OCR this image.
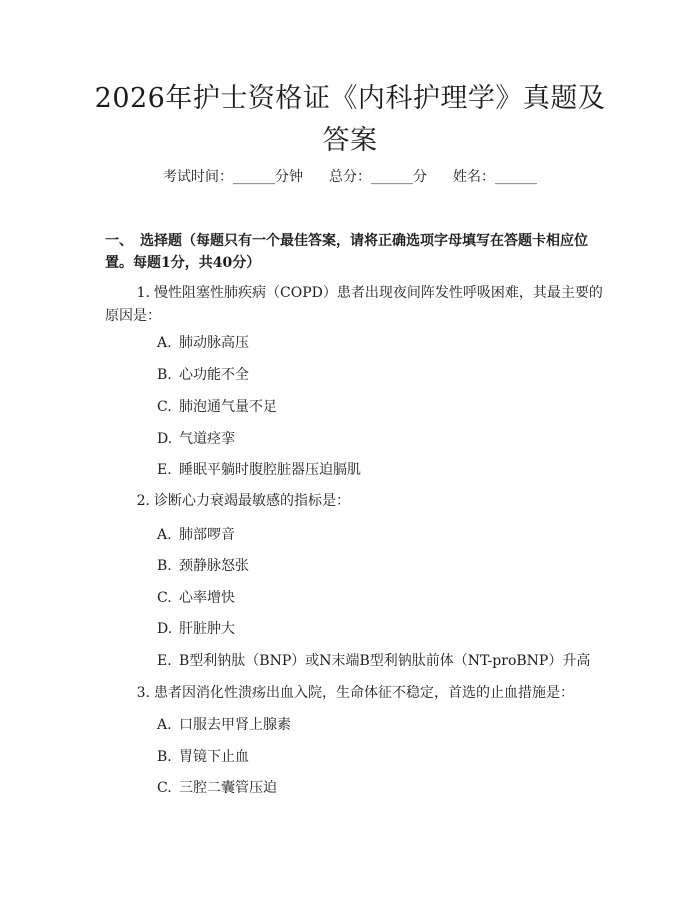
2026年护士资格证《内科护理学》真题及答案
考试时间：______分钟 总分：______分 姓名：______
一、 选择题（每题只有一个最佳答案，请将正确选项字母填写在答题卡相应位置。每题1分，共40分）
1. 慢性阻塞性肺疾病（COPD）患者出现夜间阵发性呼吸困难，其最主要的原因是：
A. 肺动脉高压
B. 心功能不全
C. 肺泡通气量不足
D. 气道痉挛
E. 睡眠平躺时腹腔脏器压迫膈肌
2. 诊断心力衰竭最敏感的指标是：
A. 肺部啰音
B. 颈静脉怒张
C. 心率增快
D. 肝脏肿大
E. B型利钠肽（BNP）或N末端B型利钠肽前体（NT-proBNP）升高
3. 患者因消化性溃疡出血入院，生命体征不稳定，首选的止血措施是：
A. 口服去甲肾上腺素
B. 胃镜下止血
C. 三腔二囊管压迫
